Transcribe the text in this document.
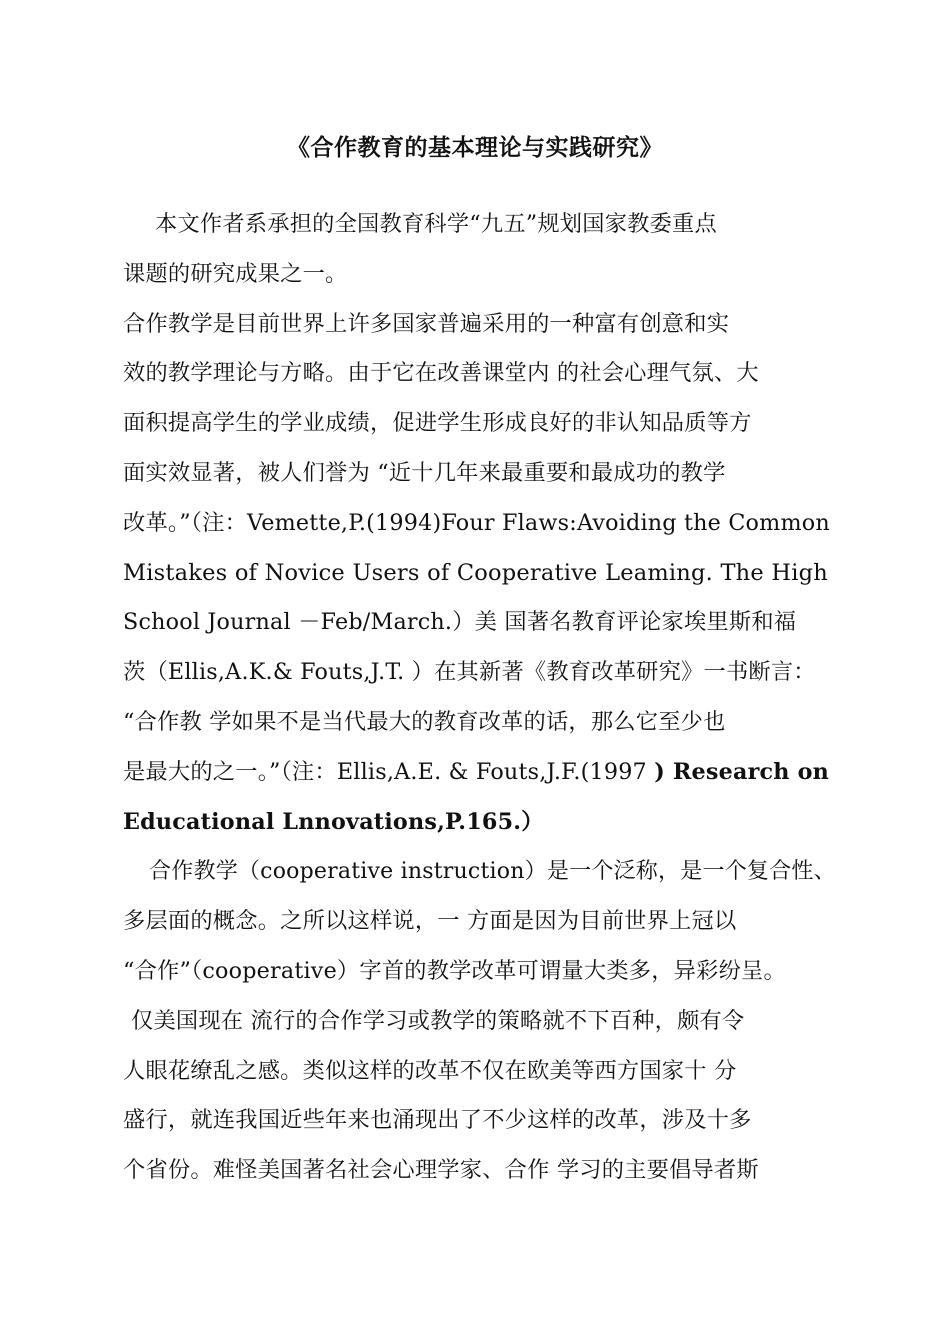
《合作教育的基本理论与实践研究》
本文作者系承担的全国教育科学“九五”规划国家教委重点
课题的研究成果之一。
合作教学是目前世界上许多国家普遍采用的一种富有创意和实
效的教学理论与方略。由于它在改善课堂内 的社会心理气氛、大
面积提高学生的学业成绩，促进学生形成良好的非认知品质等方
面实效显著，被人们誉为 “近十几年来最重要和最成功的教学
改革。”（注：Vemette,P.(1994)Four Flaws:Avoiding the Common
Mistakes of Novice Users of Cooperative Leaming. The High
School Journal －Feb/March.）美 国著名教育评论家埃里斯和福
茨（Ellis,A.K.& Fouts,J.T. ）在其新著《教育改革研究》一书断言：
“合作教 学如果不是当代最大的教育改革的话，那么它至少也
是最大的之一。”（注：Ellis,A.E. & Fouts,J.F.(1997 ) Research on
Educational Lnnovations,P.165.）
合作教学（cooperative instruction）是一个泛称，是一个复合性、
多层面的概念。之所以这样说，一 方面是因为目前世界上冠以
“合作”（cooperative）字首的教学改革可谓量大类多，异彩纷呈。
仅美国现在 流行的合作学习或教学的策略就不下百种，颇有令
人眼花缭乱之感。类似这样的改革不仅在欧美等西方国家十 分
盛行，就连我国近些年来也涌现出了不少这样的改革，涉及十多
个省份。难怪美国著名社会心理学家、合作 学习的主要倡导者斯
